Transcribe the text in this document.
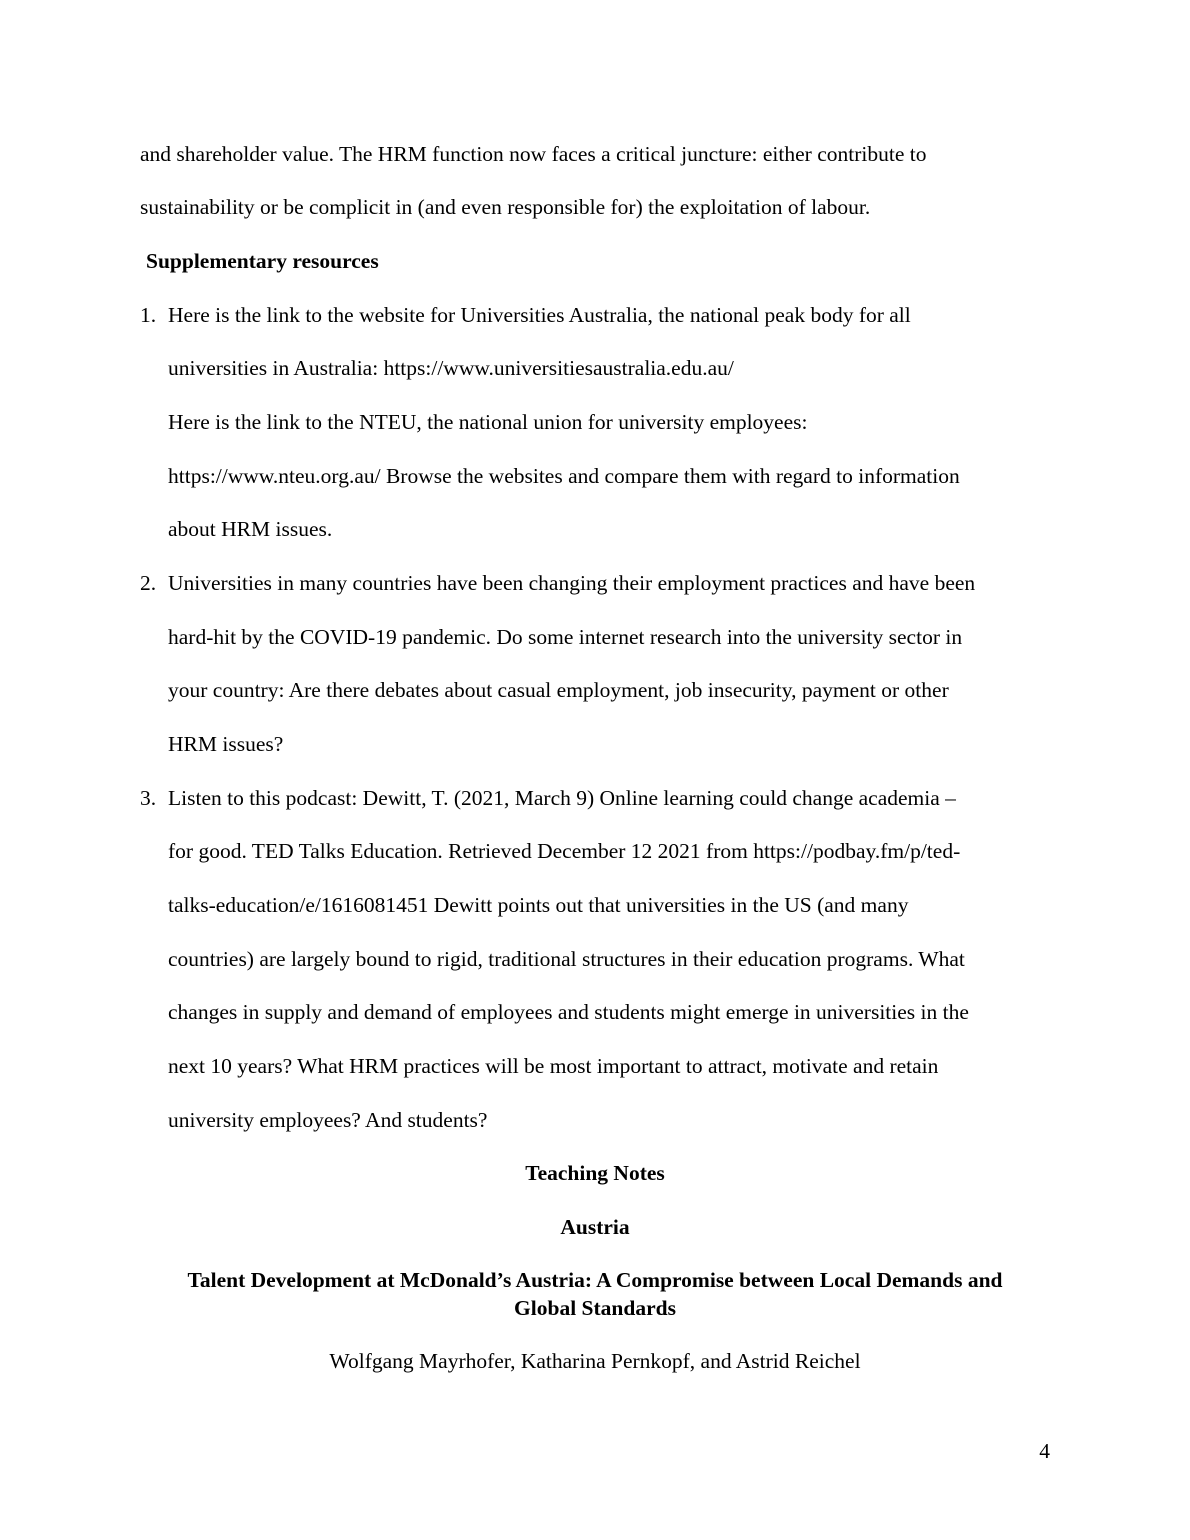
and shareholder value. The HRM function now faces a critical juncture: either contribute to
sustainability or be complicit in (and even responsible for) the exploitation of labour.
Supplementary resources
1. Here is the link to the website for Universities Australia, the national peak body for all
universities in Australia: https://www.universitiesaustralia.edu.au/
Here is the link to the NTEU, the national union for university employees:
https://www.nteu.org.au/ Browse the websites and compare them with regard to information
about HRM issues.
2. Universities in many countries have been changing their employment practices and have been
hard-hit by the COVID-19 pandemic. Do some internet research into the university sector in
your country: Are there debates about casual employment, job insecurity, payment or other
HRM issues?
3. Listen to this podcast: Dewitt, T. (2021, March 9) Online learning could change academia –
for good. TED Talks Education. Retrieved December 12 2021 from https://podbay.fm/p/ted-
talks-education/e/1616081451 Dewitt points out that universities in the US (and many
countries) are largely bound to rigid, traditional structures in their education programs. What
changes in supply and demand of employees and students might emerge in universities in the
next 10 years? What HRM practices will be most important to attract, motivate and retain
university employees? And students?
Teaching Notes
Austria
Talent Development at McDonald’s Austria: A Compromise between Local Demands and
Global Standards
Wolfgang Mayrhofer, Katharina Pernkopf, and Astrid Reichel
4
